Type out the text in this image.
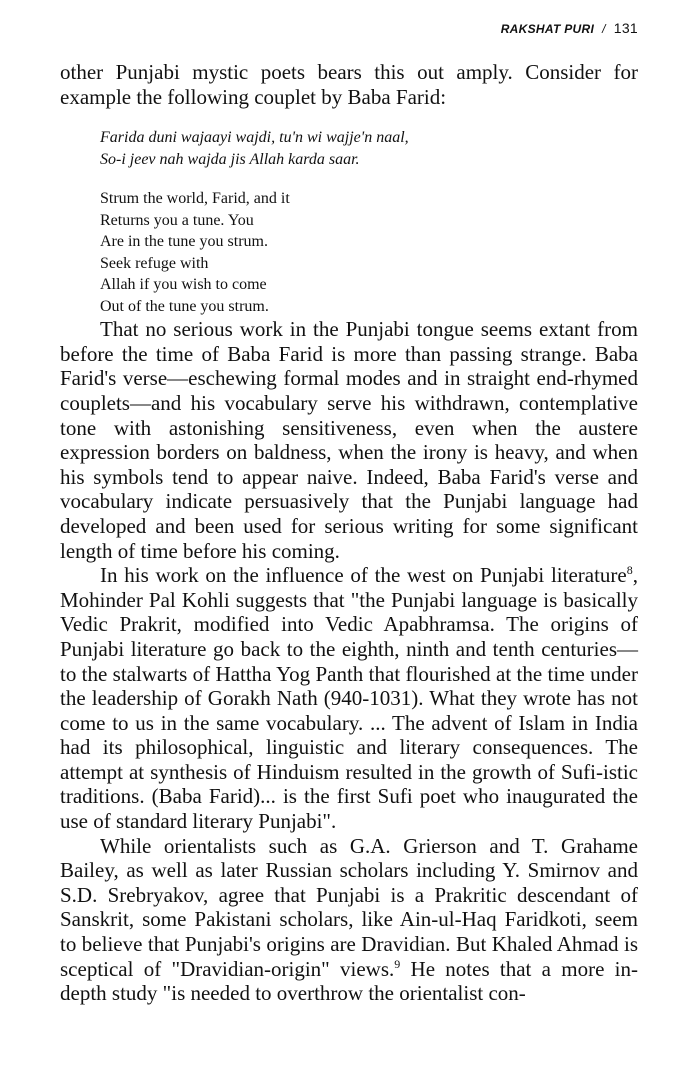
RAKSHAT PURI / 131

other Punjabi mystic poets bears this out amply. Consider for example the following couplet by Baba Farid:

Farida duni wajaayi wajdi, tu'n wi wajje'n naal,
So-i jeev nah wajda jis Allah karda saar.
Strum the world, Farid, and it
Returns you a tune. You
Are in the tune you strum.
Seek refuge with
Allah if you wish to come
Out of the tune you strum.

That no serious work in the Punjabi tongue seems extant from before the time of Baba Farid is more than passing strange. Baba Farid's verse—eschewing formal modes and in straight end-rhymed couplets—and his vocabulary serve his withdrawn, contemplative tone with astonishing sensitiveness, even when the austere expression borders on baldness, when the irony is heavy, and when his symbols tend to appear naive. Indeed, Baba Farid's verse and vocabulary indicate persuasively that the Punjabi language had developed and been used for serious writing for some significant length of time before his coming.

In his work on the influence of the west on Punjabi literature$^8$, Mohinder Pal Kohli suggests that "the Punjabi language is basically Vedic Prakrit, modified into Vedic Apabhramsa. The origins of Punjabi literature go back to the eighth, ninth and tenth centuries—to the stalwarts of Hattha Yog Panth that flourished at the time under the leadership of Gorakh Nath (940-1031). What they wrote has not come to us in the same vocabulary. ... The advent of Islam in India had its philosophical, linguistic and literary consequences. The attempt at synthesis of Hinduism resulted in the growth of Sufi-istic traditions. (Baba Farid)... is the first Sufi poet who inaugurated the use of standard literary Punjabi".

While orientalists such as G.A. Grierson and T. Grahame Bailey, as well as later Russian scholars including Y. Smirnov and S.D. Srebryakov, agree that Punjabi is a Prakritic descendant of Sanskrit, some Pakistani scholars, like Ain-ul-Haq Faridkoti, seem to believe that Punjabi's origins are Dravidian. But Khaled Ahmad is sceptical of "Dravidian-origin" views.$^9$ He notes that a more in-depth study "is needed to overthrow the orientalist con-
